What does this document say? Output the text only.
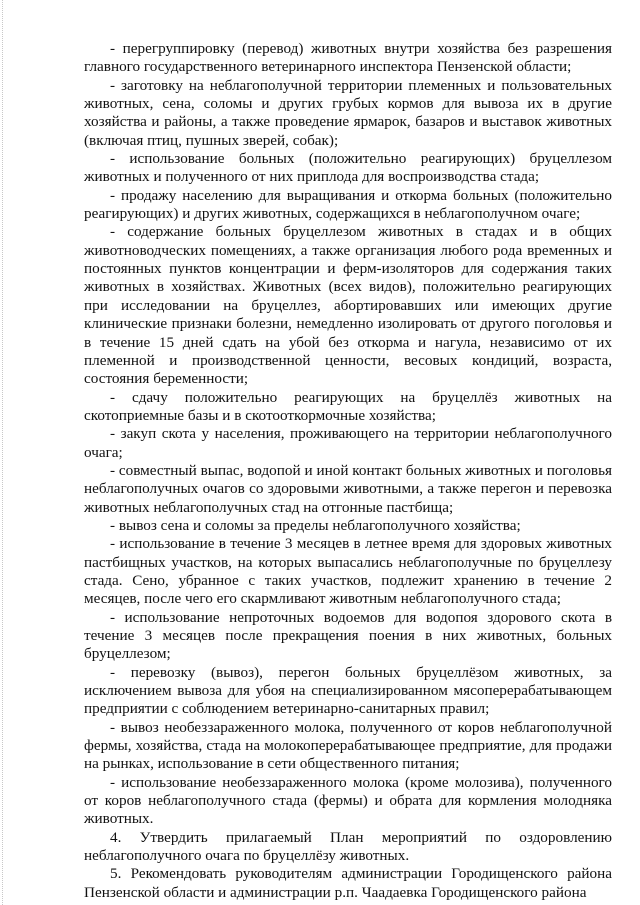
- перегруппировку (перевод) животных внутри хозяйства без разрешения главного государственного ветеринарного инспектора Пензенской области;

- заготовку на неблагополучной территории племенных и пользовательных животных, сена, соломы и других грубых кормов для вывоза их в другие хозяйства и районы, а также проведение ярмарок, базаров и выставок животных (включая птиц, пушных зверей, собак);

- использование больных (положительно реагирующих) бруцеллезом животных и полученного от них приплода для воспроизводства стада;

- продажу населению для выращивания и откорма больных (положительно реагирующих) и других животных, содержащихся в неблагополучном очаге;

- содержание больных бруцеллезом животных в стадах и в общих животноводческих помещениях, а также организация любого рода временных и постоянных пунктов концентрации и ферм-изоляторов для содержания таких животных в хозяйствах. Животных (всех видов), положительно реагирующих при исследовании на бруцеллез, абортировавших или имеющих другие клинические признаки болезни, немедленно изолировать от другого поголовья и в течение 15 дней сдать на убой без откорма и нагула, независимо от их племенной и производственной ценности, весовых кондиций, возраста, состояния беременности;

- сдачу положительно реагирующих на бруцеллёз животных на скотоприемные базы и в скотооткормочные хозяйства;

- закуп скота у населения, проживающего на территории неблагополучного очага;

- совместный выпас, водопой и иной контакт больных животных и поголовья неблагополучных очагов со здоровыми животными, а также перегон и перевозка животных неблагополучных стад на отгонные пастбища;

- вывоз сена и соломы за пределы неблагополучного хозяйства;

- использование в течение 3 месяцев в летнее время для здоровых животных пастбищных участков, на которых выпасались неблагополучные по бруцеллезу стада. Сено, убранное с таких участков, подлежит хранению в течение 2 месяцев, после чего его скармливают животным неблагополучного стада;

- использование непроточных водоемов для водопоя здорового скота в течение 3 месяцев после прекращения поения в них животных, больных бруцеллезом;

- перевозку (вывоз), перегон больных бруцеллёзом животных, за исключением вывоза для убоя на специализированном мясоперерабатывающем предприятии с соблюдением ветеринарно-санитарных правил;

- вывоз необеззараженного молока, полученного от коров неблагополучной фермы, хозяйства, стада на молокоперерабатывающее предприятие, для продажи на рынках, использование в сети общественного питания;

- использование необеззараженного молока (кроме молозива), полученного от коров неблагополучного стада (фермы) и обрата для кормления молодняка животных.

4. Утвердить прилагаемый План мероприятий по оздоровлению неблагополучного очага по бруцеллёзу животных.

5. Рекомендовать руководителям администрации Городищенского района Пензенской области и администрации р.п. Чаадаевка Городищенского района
